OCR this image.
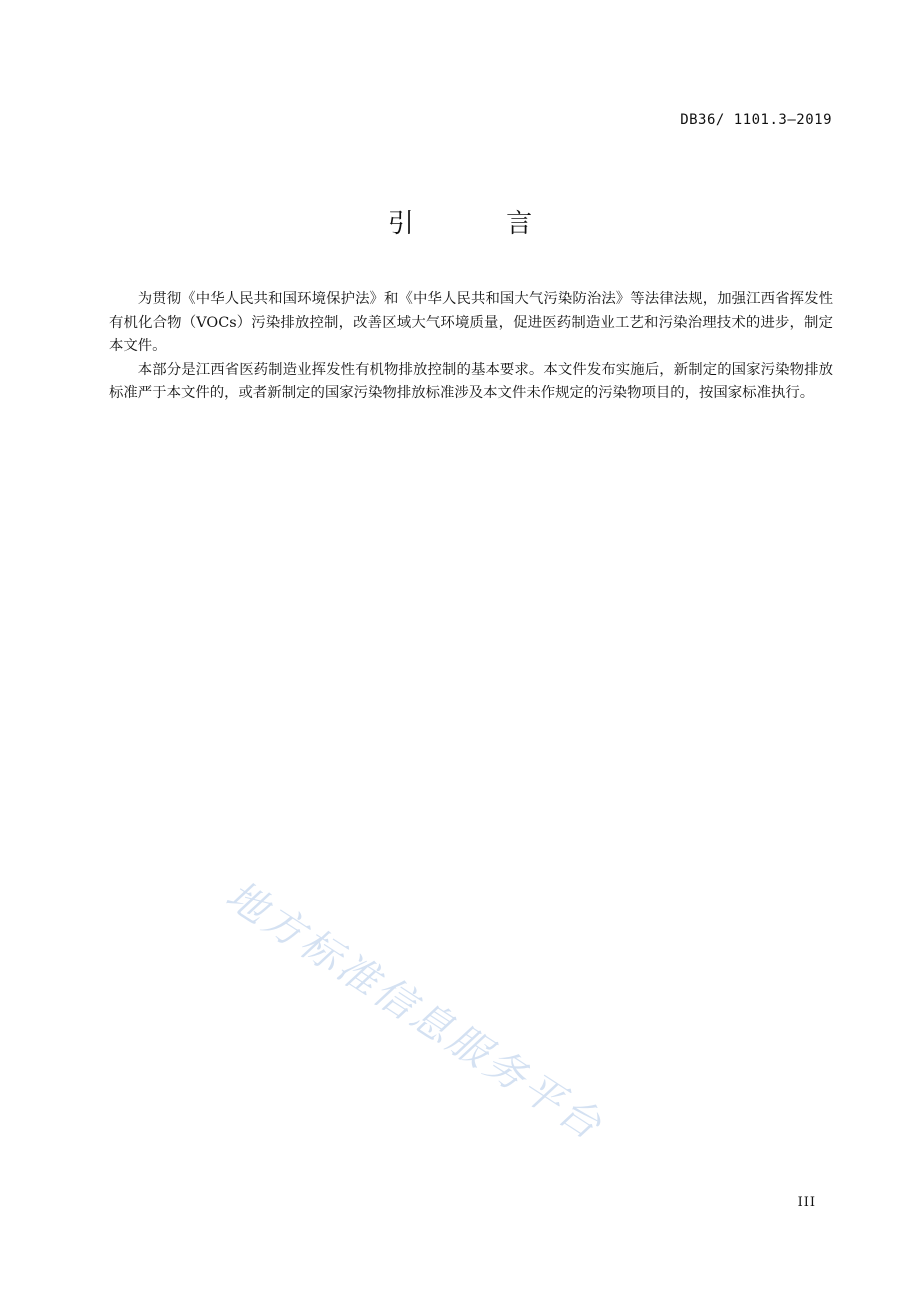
DB36/ 1101.3—2019
引 言

为贯彻《中华人民共和国环境保护法》和《中华人民共和国大气污染防治法》等法律法规，加强江西省挥发性有机化合物（VOCs）污染排放控制，改善区域大气环境质量，促进医药制造业工艺和污染治理技术的进步，制定本文件。

本部分是江西省医药制造业挥发性有机物排放控制的基本要求。本文件发布实施后，新制定的国家污染物排放标准严于本文件的，或者新制定的国家污染物排放标准涉及本文件未作规定的污染物项目的，按国家标准执行。

地方标准信息服务平台
III
